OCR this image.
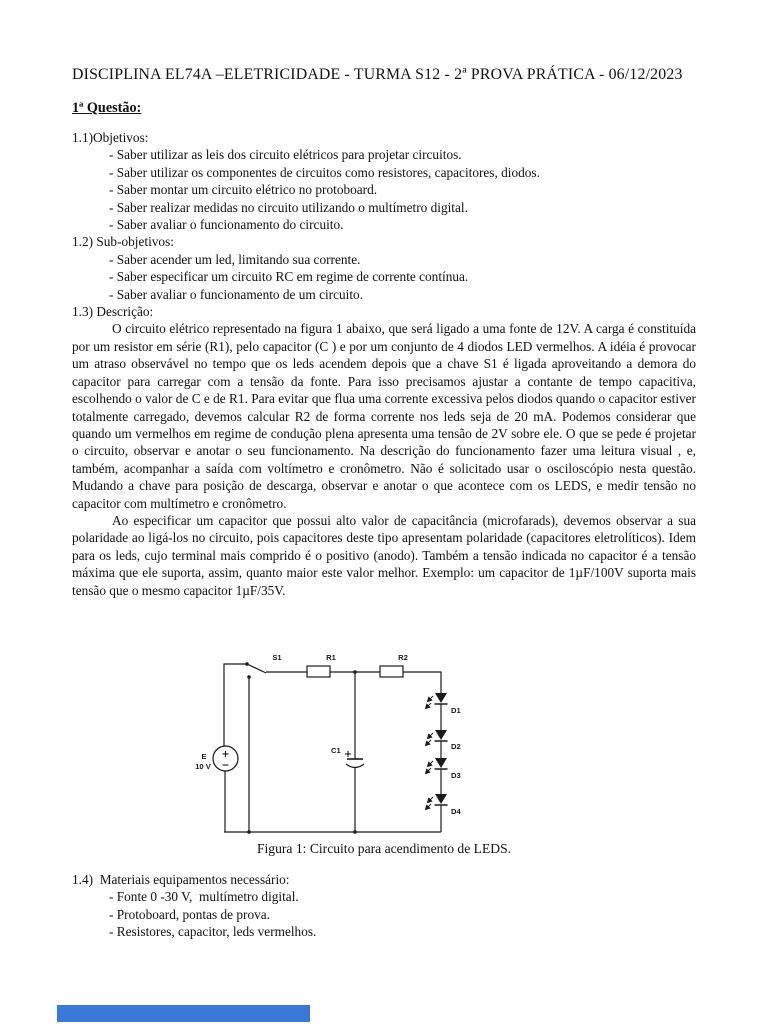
DISCIPLINA EL74A –ELETRICIDADE - TURMA S12 - 2ª PROVA PRÁTICA - 06/12/2023
1ª Questão:
1.1)Objetivos:
- Saber utilizar as leis dos circuito elétricos para projetar circuitos.
- Saber utilizar os componentes de circuitos como resistores, capacitores, diodos.
- Saber montar um circuito elétrico no protoboard.
- Saber realizar medidas no circuito utilizando o multímetro digital.
- Saber avaliar o funcionamento do circuito.
1.2) Sub-objetivos:
- Saber acender um led, limitando sua corrente.
- Saber especificar um circuito RC em regime de corrente contínua.
- Saber avaliar o funcionamento de um circuito.
1.3) Descrição:

O circuito elétrico representado na figura 1 abaixo, que será ligado a uma fonte de 12V. A carga é constituída por um resistor em série (R1), pelo capacitor (C ) e por um conjunto de 4 diodos LED vermelhos. A idéia é provocar um atraso observável no tempo que os leds acendem depois que a chave S1 é ligada aproveitando a demora do capacitor para carregar com a tensão da fonte. Para isso precisamos ajustar a contante de tempo capacitiva, escolhendo o valor de C e de R1. Para evitar que flua uma corrente excessiva pelos diodos quando o capacitor estiver totalmente carregado, devemos calcular R2 de forma corrente nos leds seja de 20 mA. Podemos considerar que quando um vermelhos em regime de condução plena apresenta uma tensão de 2V sobre ele. O que se pede é projetar o circuito, observar e anotar o seu funcionamento. Na descrição do funcionamento fazer uma leitura visual , e, também, acompanhar a saída com voltímetro e cronômetro. Não é solicitado usar o osciloscópio nesta questão. Mudando a chave para posição de descarga, observar e anotar o que acontece com os LEDS, e medir tensão no capacitor com multímetro e cronômetro.

Ao especificar um capacitor que possui alto valor de capacitância (microfarads), devemos observar a sua polaridade ao ligá-los no circuito, pois capacitores deste tipo apresentam polaridade (capacitores eletrolíticos). Idem para os leds, cujo terminal mais comprido é o positivo (anodo). Também a tensão indicada no capacitor é a tensão máxima que ele suporta, assim, quanto maior este valor melhor. Exemplo: um capacitor de 1µF/100V suporta mais tensão que o mesmo capacitor 1µF/35V.

S1	R1	R2
C1 +
E
10 V
+
−
D1
D2
D3
D4
Figura 1: Circuito para acendimento de LEDS.
1.4)  Materiais equipamentos necessário:
- Fonte 0 -30 V,  multímetro digital.
- Protoboard, pontas de prova.
- Resistores, capacitor, leds vermelhos.
